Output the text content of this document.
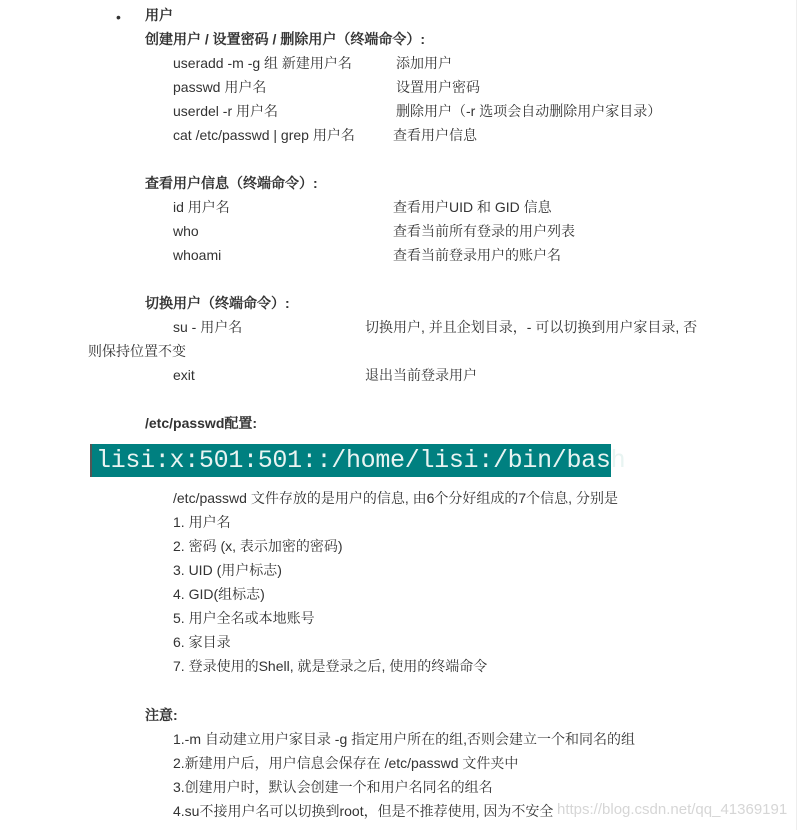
• 用户
创建用户 / 设置密码 / 删除用户（终端命令）:
useradd -m -g 组 新建用户名	添加用户
passwd 用户名	设置用户密码
userdel -r 用户名	删除用户（-r 选项会自动删除用户家目录）
cat /etc/passwd | grep 用户名	查看用户信息
查看用户信息（终端命令）:
id 用户名	查看用户UID 和 GID 信息
who	查看当前所有登录的用户列表
whoami	查看当前登录用户的账户名
切换用户（终端命令）:
su - 用户名	切换用户, 并且企划目录，- 可以切换到用户家目录, 否
则保持位置不变
exit	退出当前登录用户
/etc/passwd配置:
lisi:x:501:501::/home/lisi:/bin/bash
/etc/passwd 文件存放的是用户的信息, 由6个分好组成的7个信息, 分别是
1. 用户名
2. 密码 (x, 表示加密的密码)
3. UID (用户标志)
4. GID(组标志)
5. 用户全名或本地账号
6. 家目录
7. 登录使用的Shell, 就是登录之后, 使用的终端命令
注意:
1.-m 自动建立用户家目录 -g 指定用户所在的组,否则会建立一个和同名的组
2.新建用户后，用户信息会保存在 /etc/passwd 文件夹中
3.创建用户时，默认会创建一个和用户名同名的组名
4.su不接用户名可以切换到root，但是不推荐使用, 因为不安全 https://blog.csdn.net/qq_41369191
